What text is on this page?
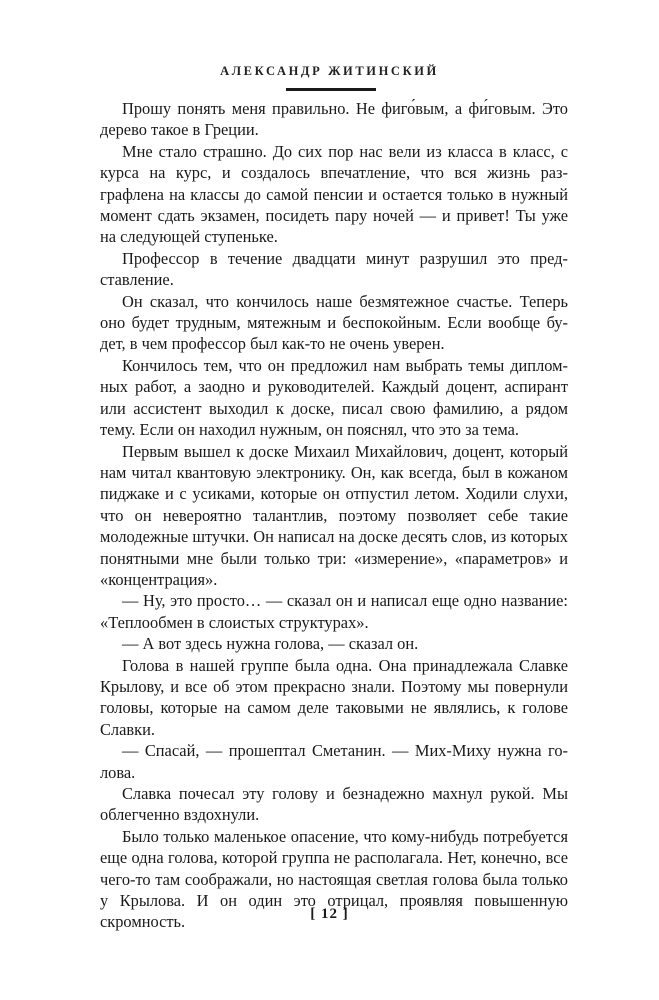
АЛЕКСАНДР ЖИТИНСКИЙ

Прошу понять меня правильно. Не фиго́вым, а фи́говым. Это дерево такое в Греции.

Мне стало страшно. До сих пор нас вели из класса в класс, с курса на курс, и создалось впечатление, что вся жизнь разграфлена на классы до самой пенсии и остается только в нужный момент сдать экзамен, посидеть пару ночей — и привет! Ты уже на следующей ступеньке.

Профессор в течение двадцати минут разрушил это представление.

Он сказал, что кончилось наше безмятежное счастье. Теперь оно будет трудным, мятежным и беспокойным. Если вообще будет, в чем профессор был как-то не очень уверен.

Кончилось тем, что он предложил нам выбрать темы дипломных работ, а заодно и руководителей. Каждый доцент, аспирант или ассистент выходил к доске, писал свою фамилию, а рядом тему. Если он находил нужным, он пояснял, что это за тема.

Первым вышел к доске Михаил Михайлович, доцент, который нам читал квантовую электронику. Он, как всегда, был в кожаном пиджаке и с усиками, которые он отпустил летом. Ходили слухи, что он невероятно талантлив, поэтому позволяет себе такие молодежные штучки. Он написал на доске десять слов, из которых понятными мне были только три: «измерение», «параметров» и «концентрация».

— Ну, это просто… — сказал он и написал еще одно название: «Теплообмен в слоистых структурах».

— А вот здесь нужна голова, — сказал он.

Голова в нашей группе была одна. Она принадлежала Славке Крылову, и все об этом прекрасно знали. Поэтому мы повернули головы, которые на самом деле таковыми не являлись, к голове Славки.

— Спасай, — прошептал Сметанин. — Мих-Миху нужна голова.

Славка почесал эту голову и безнадежно махнул рукой. Мы облегченно вздохнули.

Было только маленькое опасение, что кому-нибудь потребуется еще одна голова, которой группа не располагала. Нет, конечно, все чего-то там соображали, но настоящая светлая голова была только у Крылова. И он один это отрицал, проявляя повышенную скромность.	[ 12 ]
